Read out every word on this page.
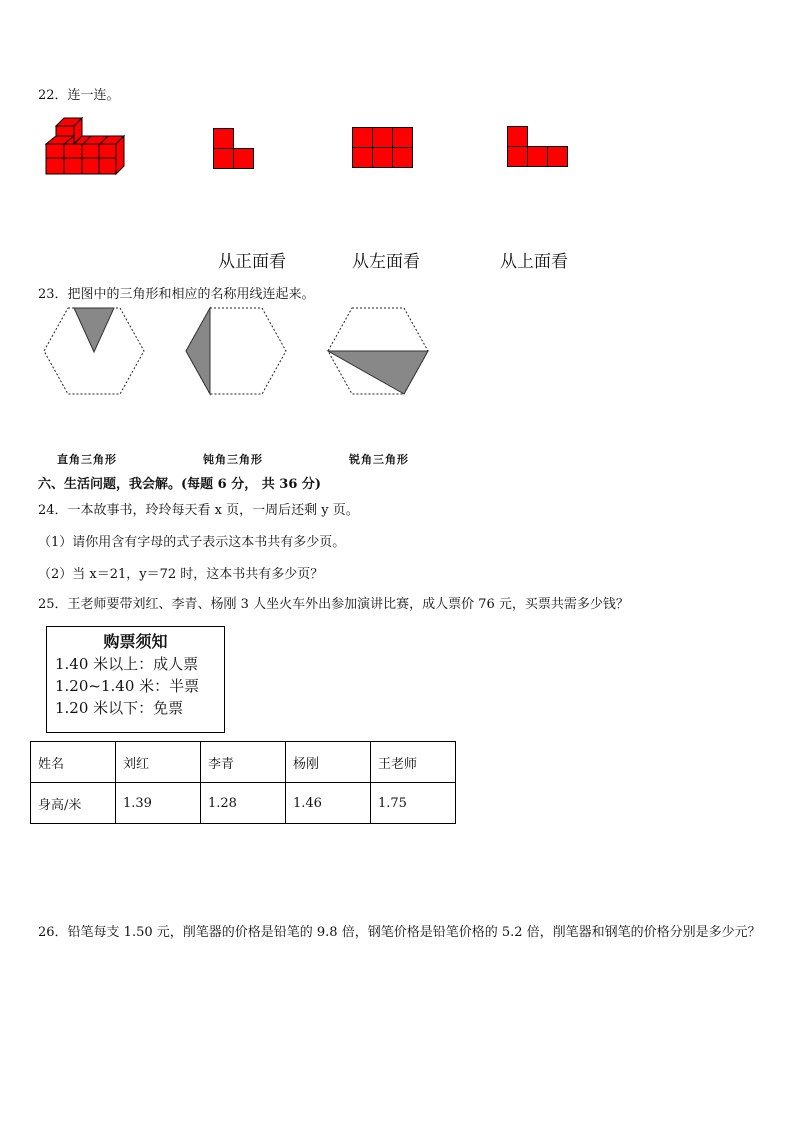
22．连一连。
从正面看	从左面看	从上面看
23．把图中的三角形和相应的名称用线连起来。
直角三角形	钝角三角形	锐角三角形
六、生活问题，我会解。(每题 6 分， 共 36 分)
24．一本故事书，玲玲每天看 x 页，一周后还剩 y 页。
（1）请你用含有字母的式子表示这本书共有多少页。
（2）当 x＝21，y＝72 时，这本书共有多少页？
25．王老师要带刘红、李青、杨刚 3 人坐火车外出参加演讲比赛，成人票价 76 元，买票共需多少钱？
购票须知
1.40 米以上：成人票
1.20~1.40 米：半票
1.20 米以下：免票
姓名	刘红	李青	杨刚	王老师
身高/米	1.39	1.28	1.46	1.75
26．铅笔每支 1.50 元，削笔器的价格是铅笔的 9.8 倍，钢笔价格是铅笔价格的 5.2 倍，削笔器和钢笔的价格分别是多少元？
